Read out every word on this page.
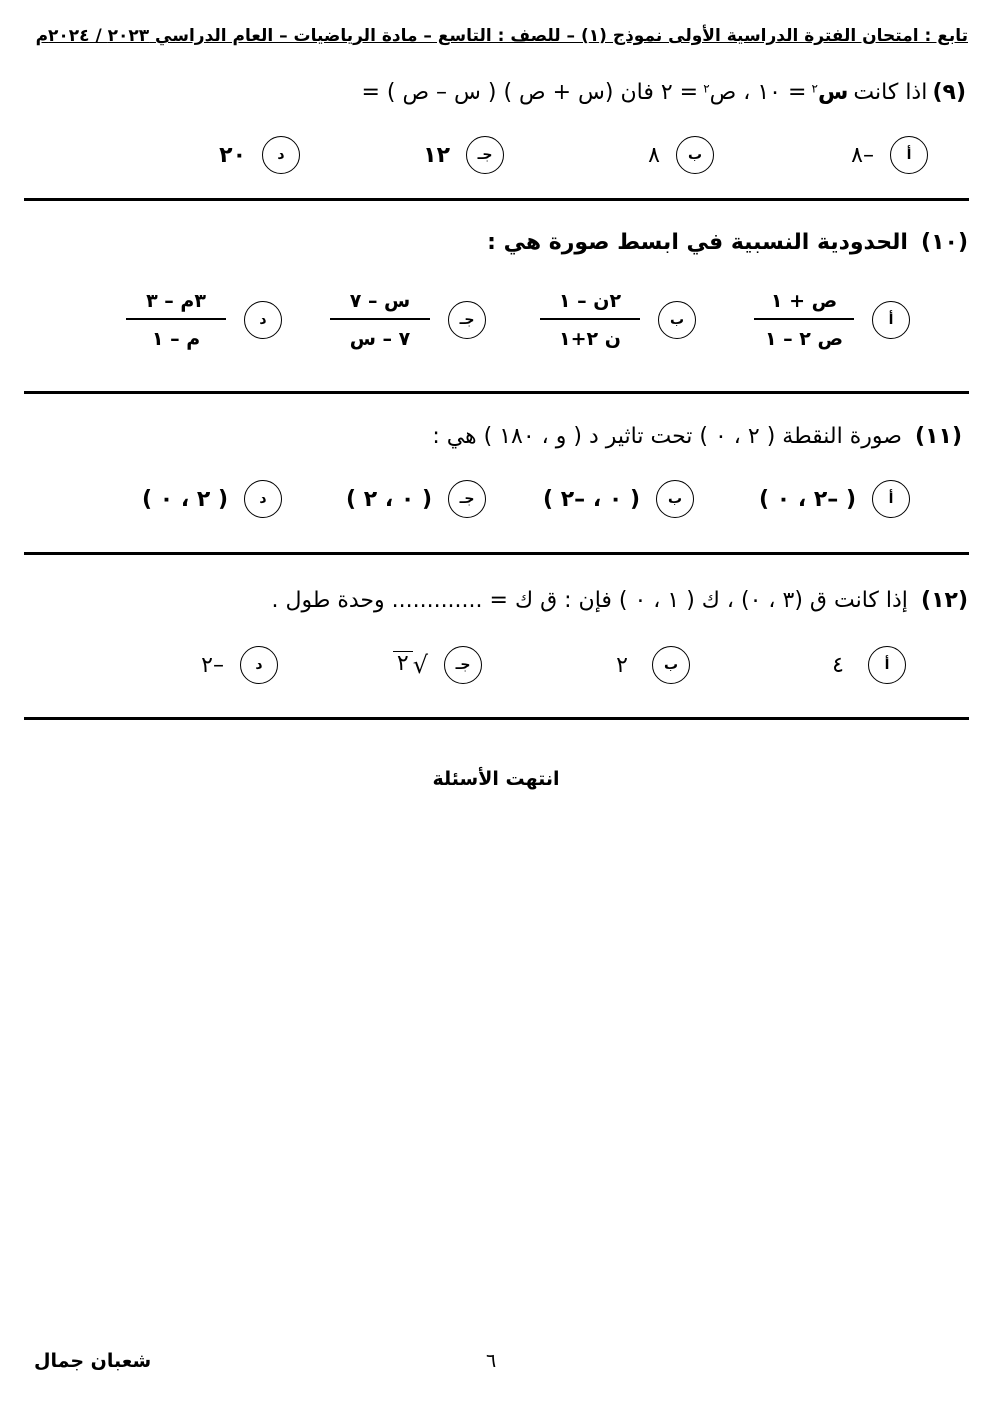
تابع : امتحان الفترة الدراسية الأولى نموذج (١) – للصف : التاسع – مادة الرياضيات – العام الدراسي ٢٠٢٣ / ٢٠٢٤م
(٩) اذا كانت س$^٢$ = ١٠ ، ص$^٢$ = ٢ فان (س + ص ) ( س – ص ) =
أ
–٨
ب
٨
جـ
١٢
د
٢٠
(١٠) الحدودية النسبية في ابسط صورة هي :
أ
$\frac{\text{ص + ١}}{\text{ص ٢ – ١}}$
ب
$\frac{\text{٢ن – ١}}{\text{ن ٢+١}}$
جـ
$\frac{\text{س – ٧}}{\text{٧ – س}}$
د
$\frac{\text{٣م – ٣}}{\text{م – ١}}$
(١١) صورة النقطة ( ٢ ، ٠ ) تحت تاثير د ( و ، ١٨٠ ) هي :
أ
( –٢ ، ٠ )
ب
( ٠ ، –٢ )
جـ
( ٠ ، ٢ )
د
( ٢ ، ٠ )
(١٢) إذا كانت ق (٣ ، ٠) ، ك ( ١ ، ٠ ) فإن : ق ك = ............. وحدة طول .
أ
٤
ب
٢
جـ
√
٢
د
–٢
انتهت الأسئلة
٦
شعبان جمال
